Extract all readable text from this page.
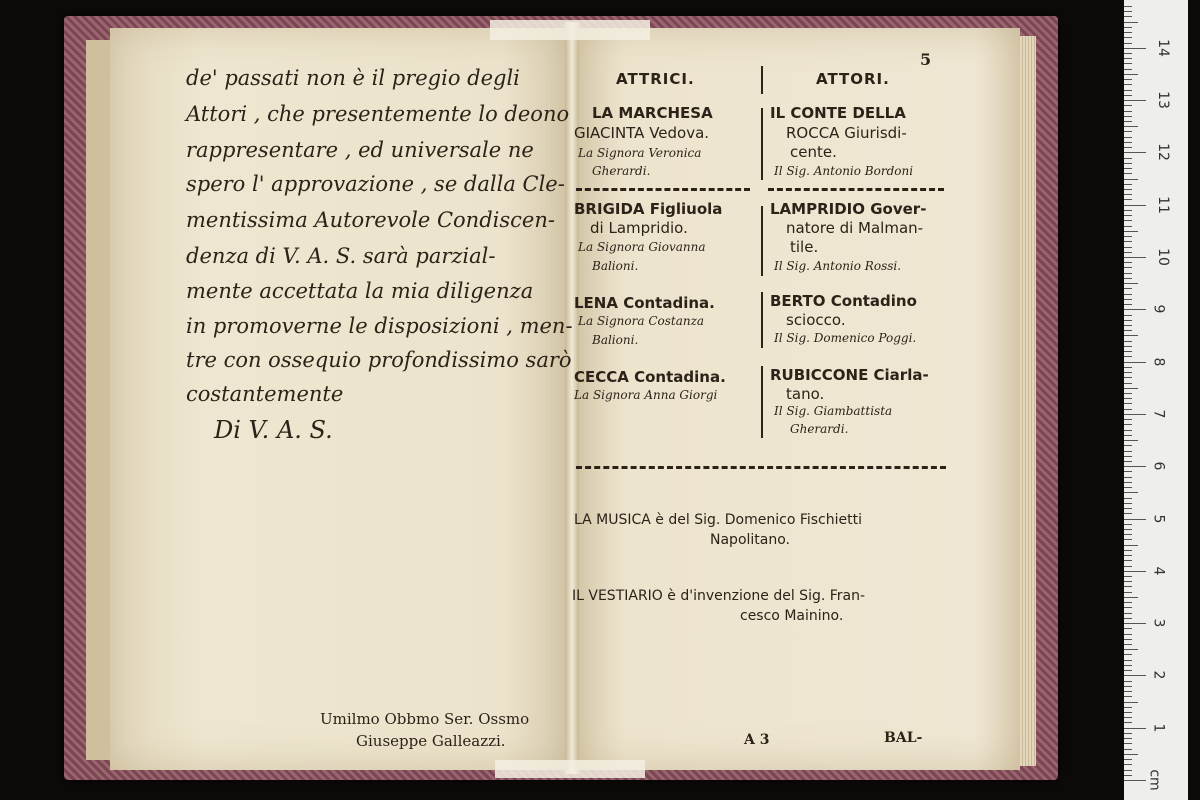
de' passati non è il pregio degli
Attori , che presentemente lo deono
rappresentare , ed universale ne
spero l' approvazione , se dalla Cle-
mentissima Autorevole Condiscen-
denza di V. A. S. sarà parzial-
mente accettata la mia diligenza
in promoverne le disposizioni , men-
tre con ossequio profondissimo sarò
costantemente
Di V. A. S.
Umilmo Obbmo Ser. Ossmo
Giuseppe Galleazzi.
5
ATTRICI.	ATTORI.
LA MARCHESA
GIACINTA Vedova.
La Signora Veronica
Gherardi.
BRIGIDA Figliuola
di Lampridio.
La Signora Giovanna
Balioni.
LENA Contadina.
La Signora Costanza
Balioni.
CECCA Contadina.
La Signora Anna Giorgi
IL CONTE DELLA
ROCCA Giurisdi-
cente.
Il Sig. Antonio Bordoni
LAMPRIDIO Gover-
natore di Malman-
tile.
Il Sig. Antonio Rossi.
BERTO Contadino
sciocco.
Il Sig. Domenico Poggi.
RUBICCONE Ciarla-
tano.
Il Sig. Giambattista
Gherardi.
LA MUSICA è del Sig. Domenico Fischietti
Napolitano.
IL VESTIARIO è d'invenzione del Sig. Fran-
cesco Mainino.
A 3	BAL-
cm
1
2
3
4
5
6
7
8
9
10
11
12
13
14
